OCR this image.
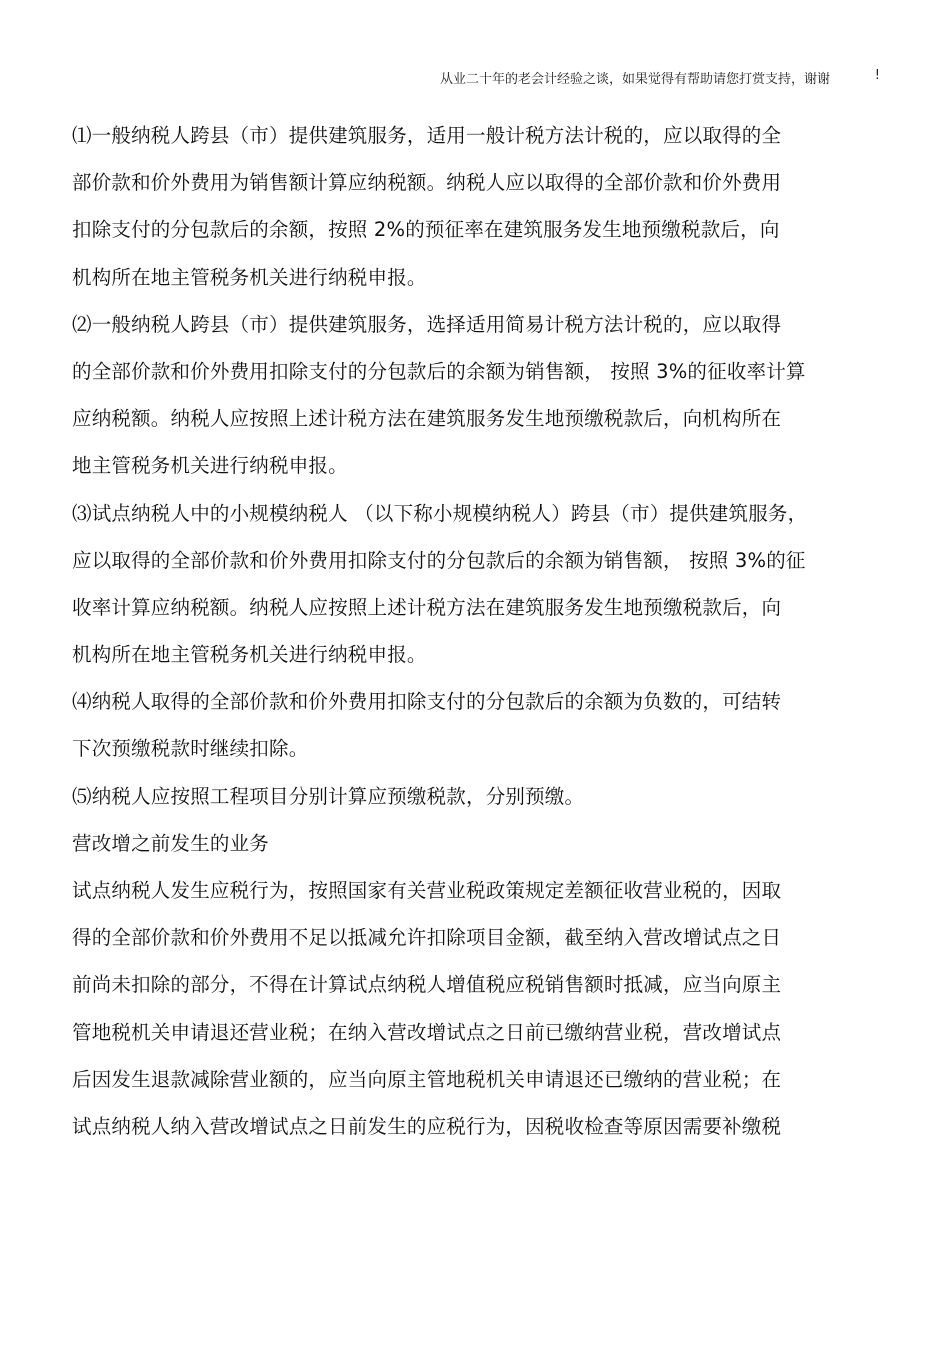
从业二十年的老会计经验之谈，如果觉得有帮助请您打赏支持，谢谢	!
⑴一般纳税人跨县（市）提供建筑服务，适用一般计税方法计税的，应以取得的全
部价款和价外费用为销售额计算应纳税额。纳税人应以取得的全部价款和价外费用
扣除支付的分包款后的余额，按照 2%的预征率在建筑服务发生地预缴税款后，向
机构所在地主管税务机关进行纳税申报。
⑵一般纳税人跨县（市）提供建筑服务，选择适用简易计税方法计税的，应以取得
的全部价款和价外费用扣除支付的分包款后的余额为销售额， 按照 3%的征收率计算
应纳税额。纳税人应按照上述计税方法在建筑服务发生地预缴税款后，向机构所在
地主管税务机关进行纳税申报。
⑶试点纳税人中的小规模纳税人 （以下称小规模纳税人）跨县（市）提供建筑服务，
应以取得的全部价款和价外费用扣除支付的分包款后的余额为销售额， 按照 3%的征
收率计算应纳税额。纳税人应按照上述计税方法在建筑服务发生地预缴税款后，向
机构所在地主管税务机关进行纳税申报。
⑷纳税人取得的全部价款和价外费用扣除支付的分包款后的余额为负数的，可结转
下次预缴税款时继续扣除。
⑸纳税人应按照工程项目分别计算应预缴税款，分别预缴。
营改增之前发生的业务
试点纳税人发生应税行为，按照国家有关营业税政策规定差额征收营业税的，因取
得的全部价款和价外费用不足以抵减允许扣除项目金额，截至纳入营改增试点之日
前尚未扣除的部分，不得在计算试点纳税人增值税应税销售额时抵减，应当向原主
管地税机关申请退还营业税；在纳入营改增试点之日前已缴纳营业税，营改增试点
后因发生退款减除营业额的，应当向原主管地税机关申请退还已缴纳的营业税；在
试点纳税人纳入营改增试点之日前发生的应税行为，因税收检查等原因需要补缴税
